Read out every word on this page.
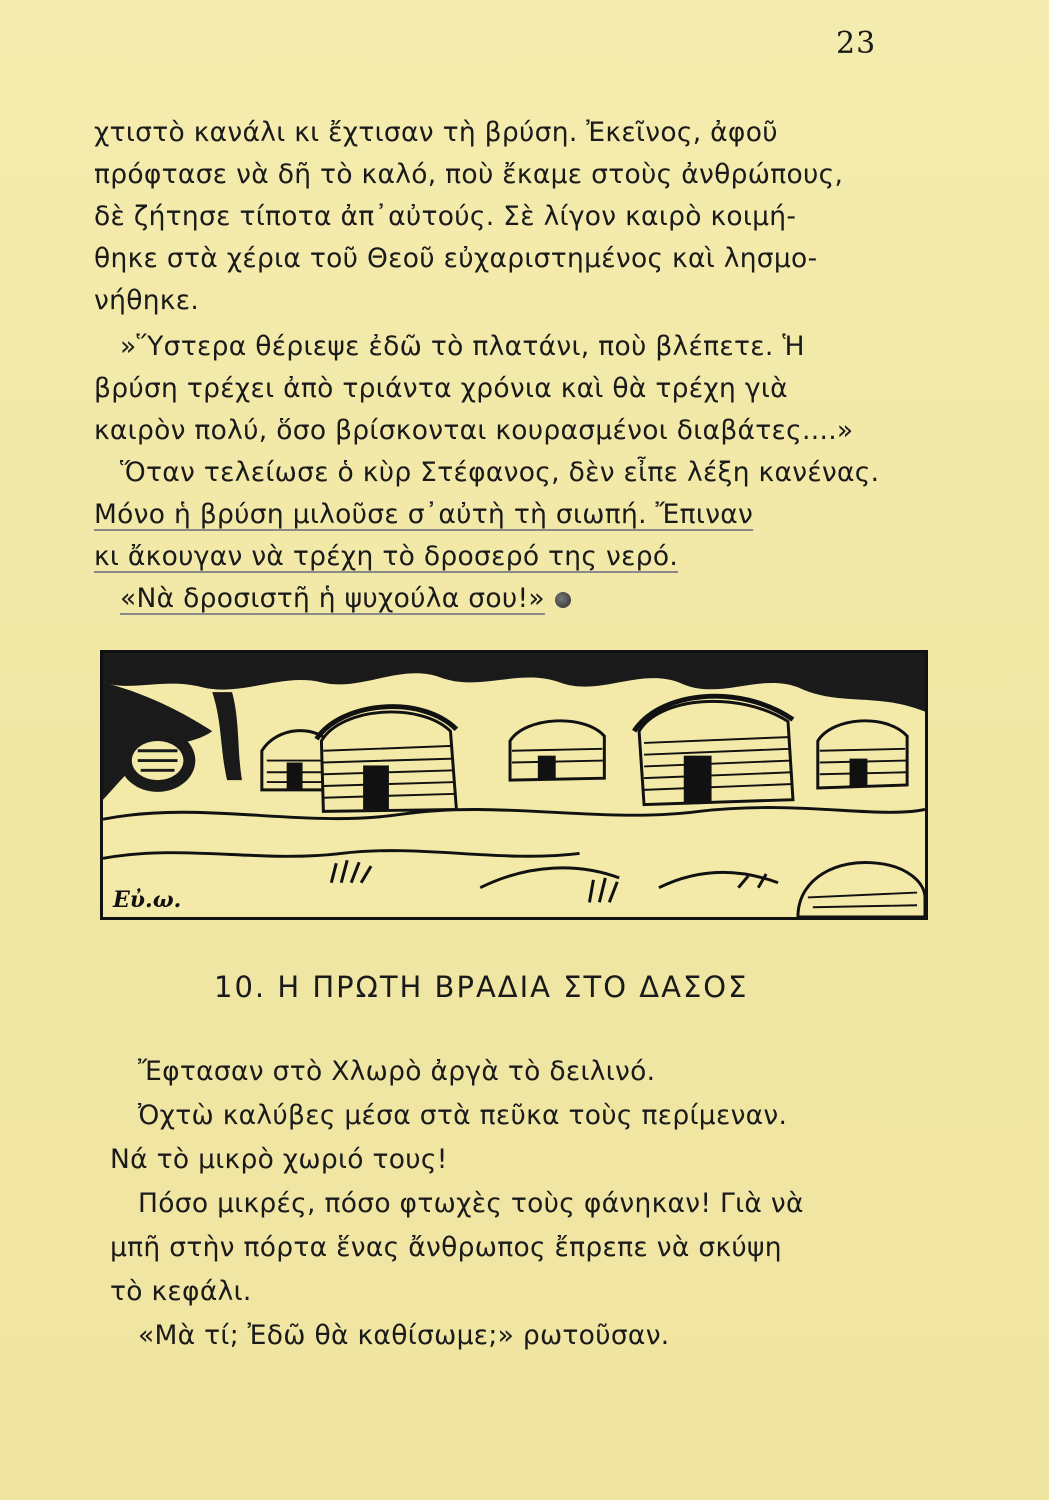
23
χτιστὸ κανάλι κι ἔχτισαν τὴ βρύση. Ἐκεῖνος, ἀφοῦ
πρόφτασε νὰ δῆ τὸ καλό, ποὺ ἔκαμε στοὺς ἀνθρώπους,
δὲ ζήτησε τίποτα ἀπ᾽αὐτούς. Σὲ λίγον καιρὸ κοιμή-
θηκε στὰ χέρια τοῦ Θεοῦ εὐχαριστημένος καὶ λησμο-
νήθηκε.
»Ὕστερα θέριεψε ἐδῶ τὸ πλατάνι, ποὺ βλέπετε. Ἡ
βρύση τρέχει ἀπὸ τριάντα χρόνια καὶ θὰ τρέχη γιὰ
καιρὸν πολύ, ὅσο βρίσκονται κουρασμένοι διαβάτες....»
Ὅταν τελείωσε ὁ κὺρ Στέφανος, δὲν εἶπε λέξη κανένας.
Μόνο ἡ βρύση μιλοῦσε σ᾽αὐτὴ τὴ σιωπή. Ἔπιναν
κι ἄκουγαν νὰ τρέχη τὸ δροσερό της νερό.
«Νὰ δροσιστῆ ἡ ψυχούλα σου!»
Εὐ.ω.
10. Η ΠΡΩΤΗ ΒΡΑΔΙΑ ΣΤΟ ΔΑΣΟΣ
Ἔφτασαν στὸ Χλωρὸ ἀργὰ τὸ δειλινό.
Ὀχτὼ καλύβες μέσα στὰ πεῦκα τοὺς περίμεναν.
Νά τὸ μικρὸ χωριό τους!
Πόσο μικρές, πόσο φτωχὲς τοὺς φάνηκαν! Γιὰ νὰ
μπῆ στὴν πόρτα ἕνας ἄνθρωπος ἔπρεπε νὰ σκύψη
τὸ κεφάλι.
«Μὰ τί; Ἐδῶ θὰ καθίσωμε;» ρωτοῦσαν.
